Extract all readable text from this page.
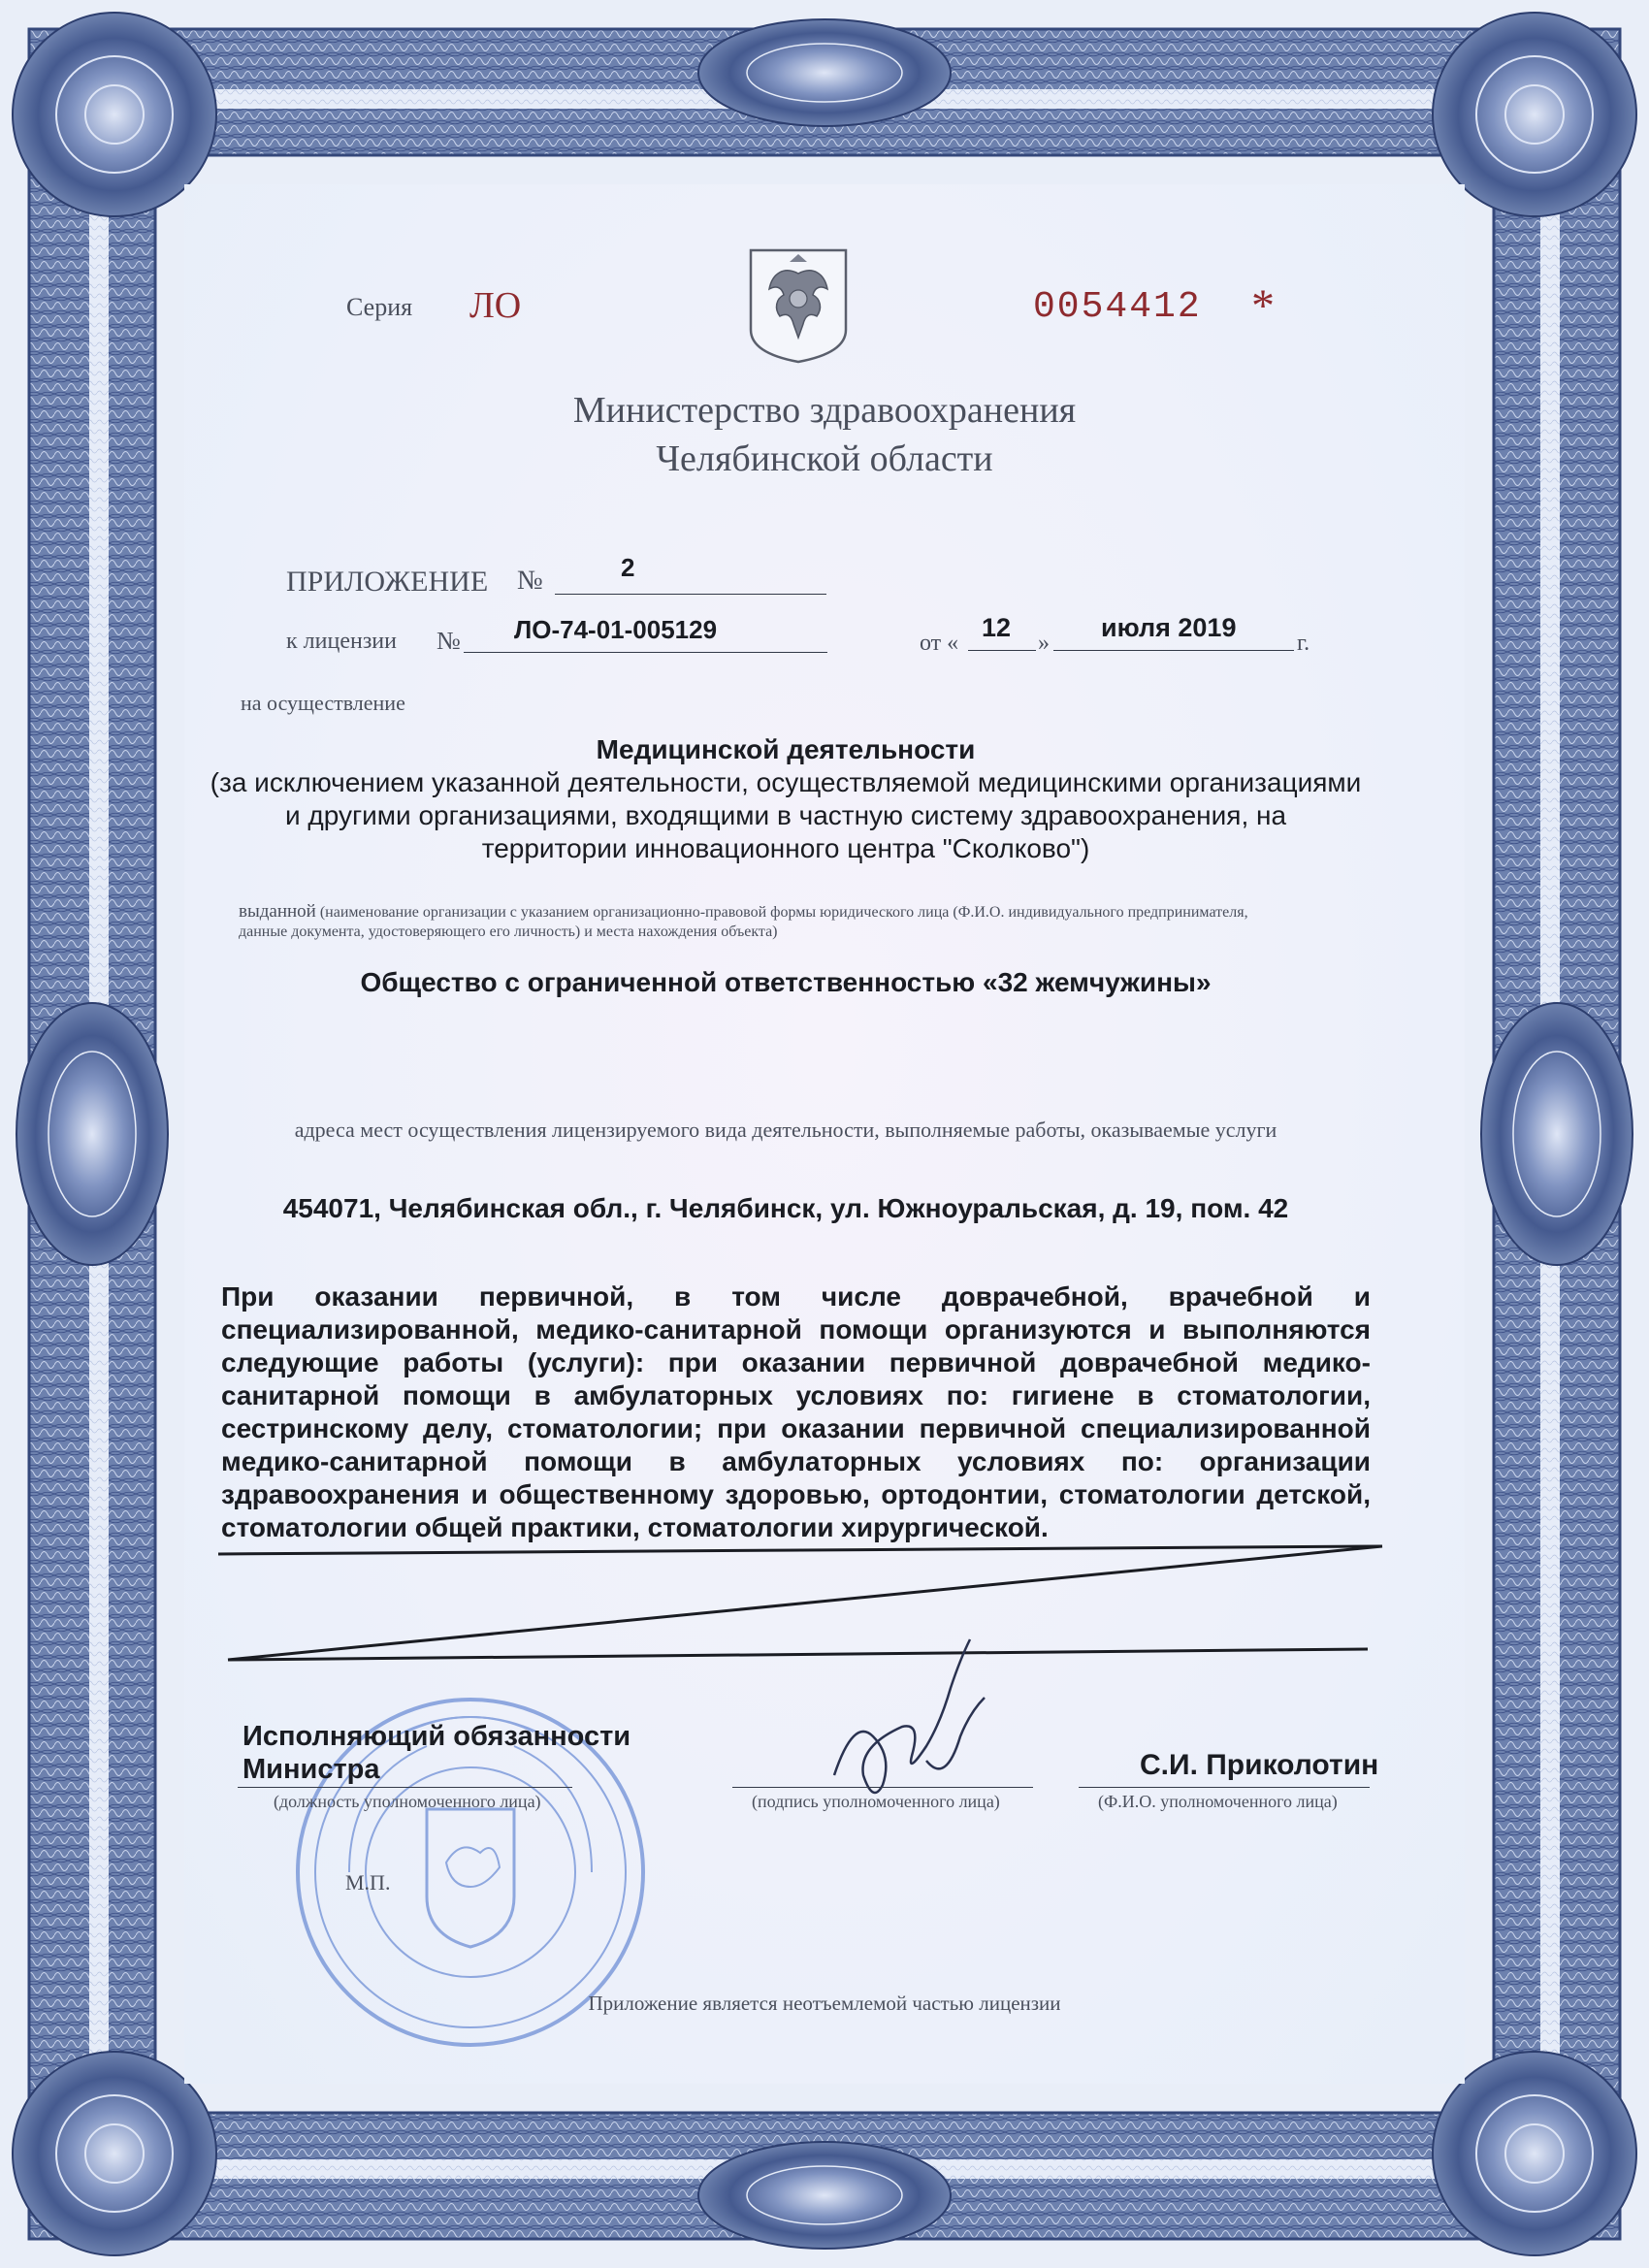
Серия ЛО	0054412 *
Министерство здравоохранения
Челябинской области
ПРИЛОЖЕНИЕ №	2
к лицензии № ЛО-74-01-005129	от «
12
»
июля 2019
г.
на осуществление
Медицинской деятельности
(за исключением указанной деятельности, осуществляемой медицинскими организациями
и другими организациями, входящими в частную систему здравоохранения, на
территории инновационного центра "Сколково")
выданной (наименование организации с указанием организационно-правовой формы юридического лица (Ф.И.О. индивидуального предпринимателя,
данные документа, удостоверяющего его личность) и места нахождения объекта)
Общество с ограниченной ответственностью «32 жемчужины»
адреса мест осуществления лицензируемого вида деятельности, выполняемые работы, оказываемые услуги
454071, Челябинская обл., г. Челябинск, ул. Южноуральская, д. 19, пом. 42
При оказании первичной, в том числе доврачебной, врачебной и
специализированной, медико-санитарной помощи организуются и выполняются
следующие работы (услуги): при оказании первичной доврачебной медико-
санитарной помощи в амбулаторных условиях по: гигиене в стоматологии,
сестринскому делу, стоматологии; при оказании первичной специализированной
медико-санитарной помощи в амбулаторных условиях по: организации
здравоохранения и общественному здоровью, ортодонтии, стоматологии детской,
стоматологии общей практики, стоматологии хирургической.
М.П.
Исполняющий обязанности
Министра
(должность уполномоченного лица)	(подпись уполномоченного лица)
С.И. Приколотин
(Ф.И.О. уполномоченного лица)
Приложение является неотъемлемой частью лицензии
